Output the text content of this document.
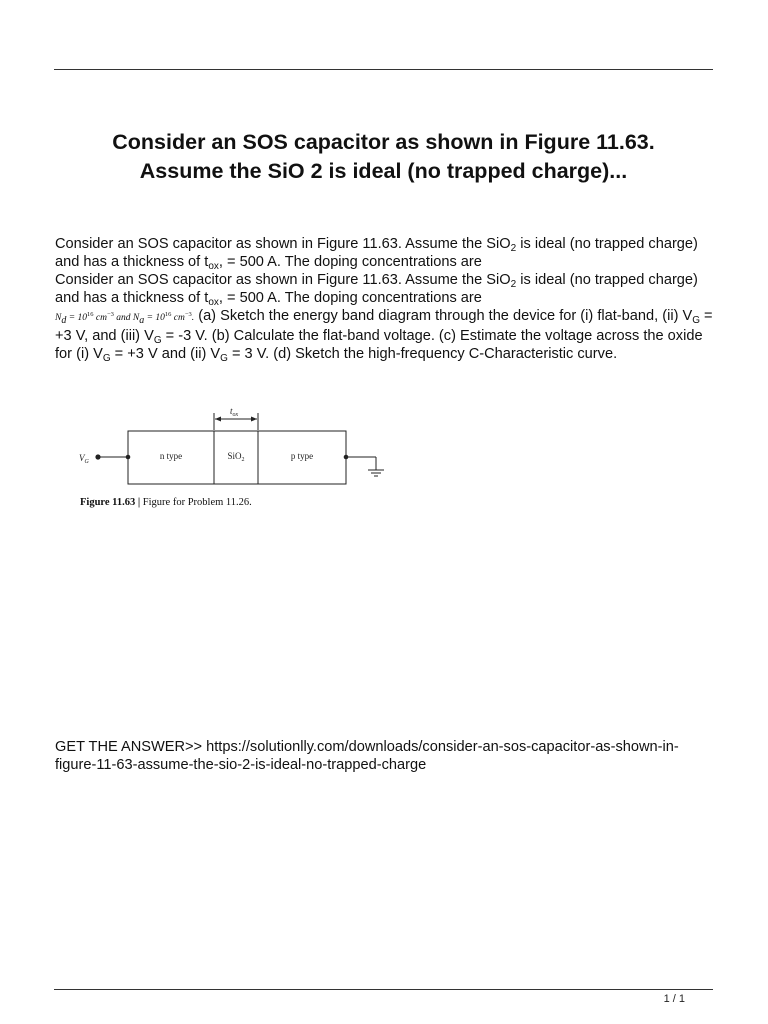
Consider an SOS capacitor as shown in Figure 11.63.
Assume the SiO 2 is ideal (no trapped charge)...

Consider an SOS capacitor as shown in Figure 11.63. Assume the SiO$_2$ is ideal (no trapped charge) and has a thickness of $t_{ox}$, = 500 A. The doping concentrations are

Consider an SOS capacitor as shown in Figure 11.63. Assume the SiO$_2$ is ideal (no trapped charge) and has a thickness of $t_{ox}$, = 500 A. The doping concentrations are
$N_d = 10^{16}$ $cm^{-3}$ and $N_a = 10^{16}$ $cm^{-3}$. (a) Sketch the energy band diagram through the device for (i) flat-band, (ii) $V_G = +3$ V, and (iii) $V_G = -3$ V. (b) Calculate the flat-band voltage. (c) Estimate the voltage across the oxide for (i) $V_G = +3$ V and (ii) $V_G = 3$ V. (d) Sketch the high-frequency C-Characteristic curve.

$V_G$
$t_{ox}$
n type	SiO$_2$	p type
Figure 11.63 | Figure for Problem 11.26.
GET THE ANSWER>> https://solutionlly.com/downloads/consider-an-sos-capacitor-as-shown-in-figure-11-63-assume-the-sio-2-is-ideal-no-trapped-charge
1 / 1
